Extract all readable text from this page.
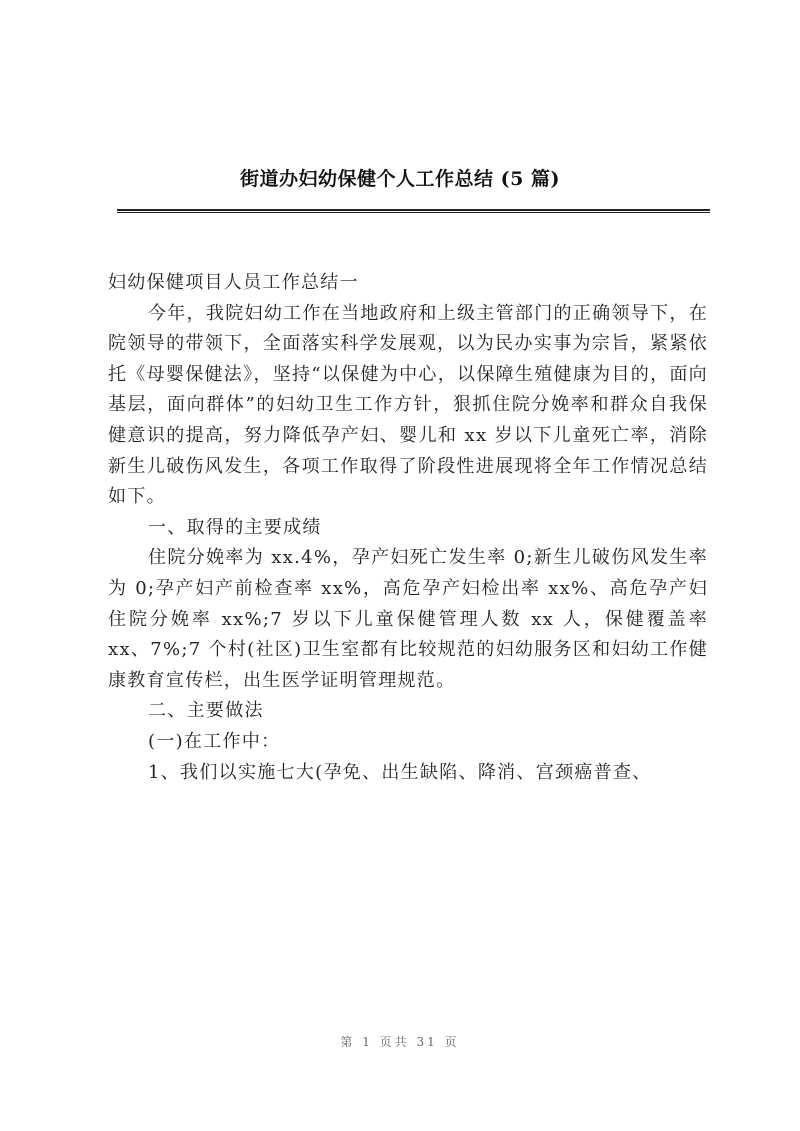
街道办妇幼保健个人工作总结 (5 篇)

妇幼保健项目人员工作总结一

今年，我院妇幼工作在当地政府和上级主管部门的正确领导下，在院领导的带领下，全面落实科学发展观，以为民办实事为宗旨，紧紧依托《母婴保健法》，坚持“以保健为中心，以保障生殖健康为目的，面向基层，面向群体”的妇幼卫生工作方针，狠抓住院分娩率和群众自我保健意识的提高，努力降低孕产妇、婴儿和 xx 岁以下儿童死亡率，消除新生儿破伤风发生，各项工作取得了阶段性进展现将全年工作情况总结如下。

一、取得的主要成绩

住院分娩率为 xx.4%，孕产妇死亡发生率 0;新生儿破伤风发生率为 0;孕产妇产前检查率 xx%，高危孕产妇检出率 xx%、高危孕产妇住院分娩率 xx%;7 岁以下儿童保健管理人数 xx 人，保健覆盖率 xx、7%;7 个村(社区)卫生室都有比较规范的妇幼服务区和妇幼工作健康教育宣传栏，出生医学证明管理规范。

二、主要做法

(一)在工作中：

1、我们以实施七大(孕免、出生缺陷、降消、宫颈癌普查、

第 1 页共 31 页
